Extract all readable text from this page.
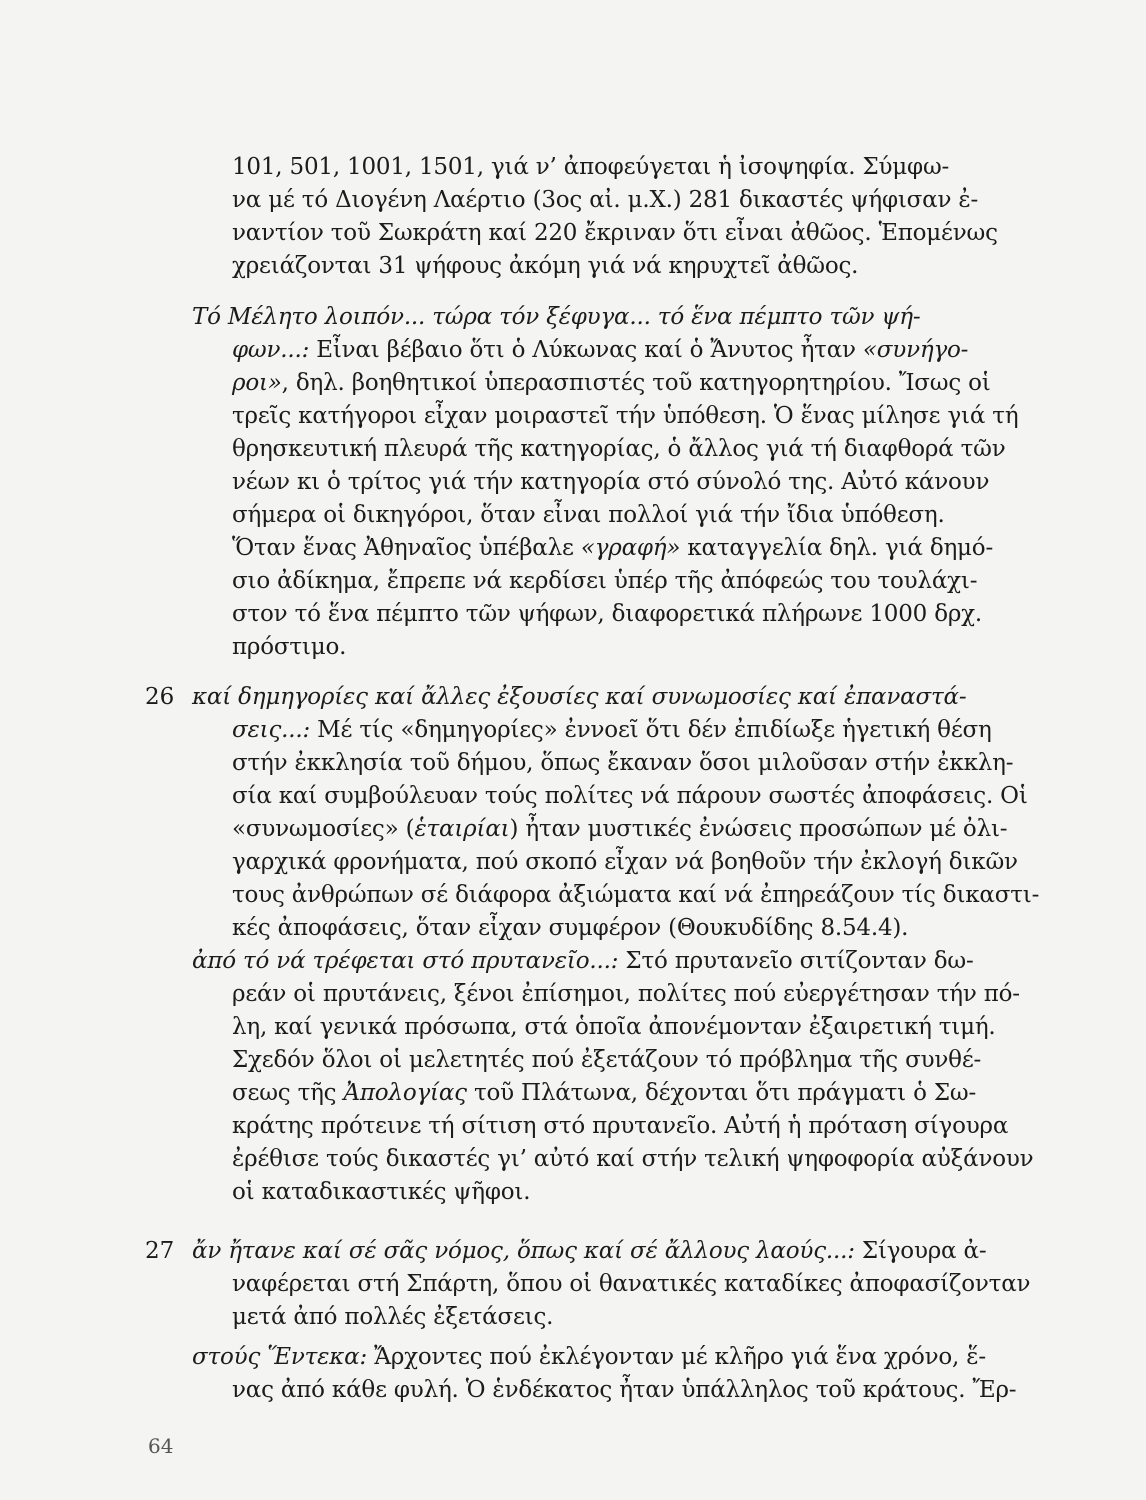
101, 501, 1001, 1501, γιά ν’ ἀποφεύγεται ἡ ἰσοψηφία. Σύμφω-
να μέ τό Διογένη Λαέρτιο (3ος αἰ. μ.Χ.) 281 δικαστές ψήφισαν ἐ-
ναντίον τοῦ Σωκράτη καί 220 ἔκριναν ὅτι εἶναι ἀθῶος. Ἑπομένως
χρειάζονται 31 ψήφους ἀκόμη γιά νά κηρυχτεῖ ἀθῶος.
Τό Μέλητο λοιπόν... τώρα τόν ξέφυγα... τό ἕνα πέμπτο τῶν ψή-
φων...: Εἶναι βέβαιο ὅτι ὁ Λύκωνας καί ὁ Ἄνυτος ἦταν «συνήγο-
ροι», δηλ. βοηθητικοί ὑπερασπιστές τοῦ κατηγορητηρίου. Ἴσως οἱ
τρεῖς κατήγοροι εἶχαν μοιραστεῖ τήν ὑπόθεση. Ὁ ἕνας μίλησε γιά τή
θρησκευτική πλευρά τῆς κατηγορίας, ὁ ἄλλος γιά τή διαφθορά τῶν
νέων κι ὁ τρίτος γιά τήν κατηγορία στό σύνολό της. Αὐτό κάνουν
σήμερα οἱ δικηγόροι, ὅταν εἶναι πολλοί γιά τήν ἴδια ὑπόθεση.
Ὅταν ἕνας Ἀθηναῖος ὑπέβαλε «γραφή» καταγγελία δηλ. γιά δημό-
σιο ἀδίκημα, ἔπρεπε νά κερδίσει ὑπέρ τῆς ἀπόφεώς του τουλάχι-
στον τό ἕνα πέμπτο τῶν ψήφων, διαφορετικά πλήρωνε 1000 δρχ.
πρόστιμο.
26 καί δημηγορίες καί ἄλλες ἐξουσίες καί συνωμοσίες καί ἐπαναστά-
σεις...: Μέ τίς «δημηγορίες» ἐννοεῖ ὅτι δέν ἐπιδίωξε ἡγετική θέση
στήν ἐκκλησία τοῦ δήμου, ὅπως ἔκαναν ὅσοι μιλοῦσαν στήν ἐκκλη-
σία καί συμβούλευαν τούς πολίτες νά πάρουν σωστές ἀποφάσεις. Οἱ
«συνωμοσίες» (ἑταιρίαι) ἦταν μυστικές ἐνώσεις προσώπων μέ ὀλι-
γαρχικά φρονήματα, πού σκοπό εἶχαν νά βοηθοῦν τήν ἐκλογή δικῶν
τους ἀνθρώπων σέ διάφορα ἀξιώματα καί νά ἐπηρεάζουν τίς δικαστι-
κές ἀποφάσεις, ὅταν εἶχαν συμφέρον (Θουκυδίδης 8.54.4).
ἀπό τό νά τρέφεται στό πρυτανεῖο...: Στό πρυτανεῖο σιτίζονταν δω-
ρεάν οἱ πρυτάνεις, ξένοι ἐπίσημοι, πολίτες πού εὐεργέτησαν τήν πό-
λη, καί γενικά πρόσωπα, στά ὁποῖα ἀπονέμονταν ἐξαιρετική τιμή.
Σχεδόν ὅλοι οἱ μελετητές πού ἐξετάζουν τό πρόβλημα τῆς συνθέ-
σεως τῆς Ἀπολογίας τοῦ Πλάτωνα, δέχονται ὅτι πράγματι ὁ Σω-
κράτης πρότεινε τή σίτιση στό πρυτανεῖο. Αὐτή ἡ πρόταση σίγουρα
ἐρέθισε τούς δικαστές γι’ αὐτό καί στήν τελική ψηφοφορία αὐξάνουν
οἱ καταδικαστικές ψῆφοι.
27 ἄν ἤτανε καί σέ σᾶς νόμος, ὅπως καί σέ ἄλλους λαούς...: Σίγουρα ἀ-
ναφέρεται στή Σπάρτη, ὅπου οἱ θανατικές καταδίκες ἀποφασίζονταν
μετά ἀπό πολλές ἐξετάσεις.
στούς Ἕντεκα: Ἄρχοντες πού ἐκλέγονταν μέ κλῆρο γιά ἕνα χρόνο, ἕ-
νας ἀπό κάθε φυλή. Ὁ ἑνδέκατος ἦταν ὑπάλληλος τοῦ κράτους. Ἔρ-
64
